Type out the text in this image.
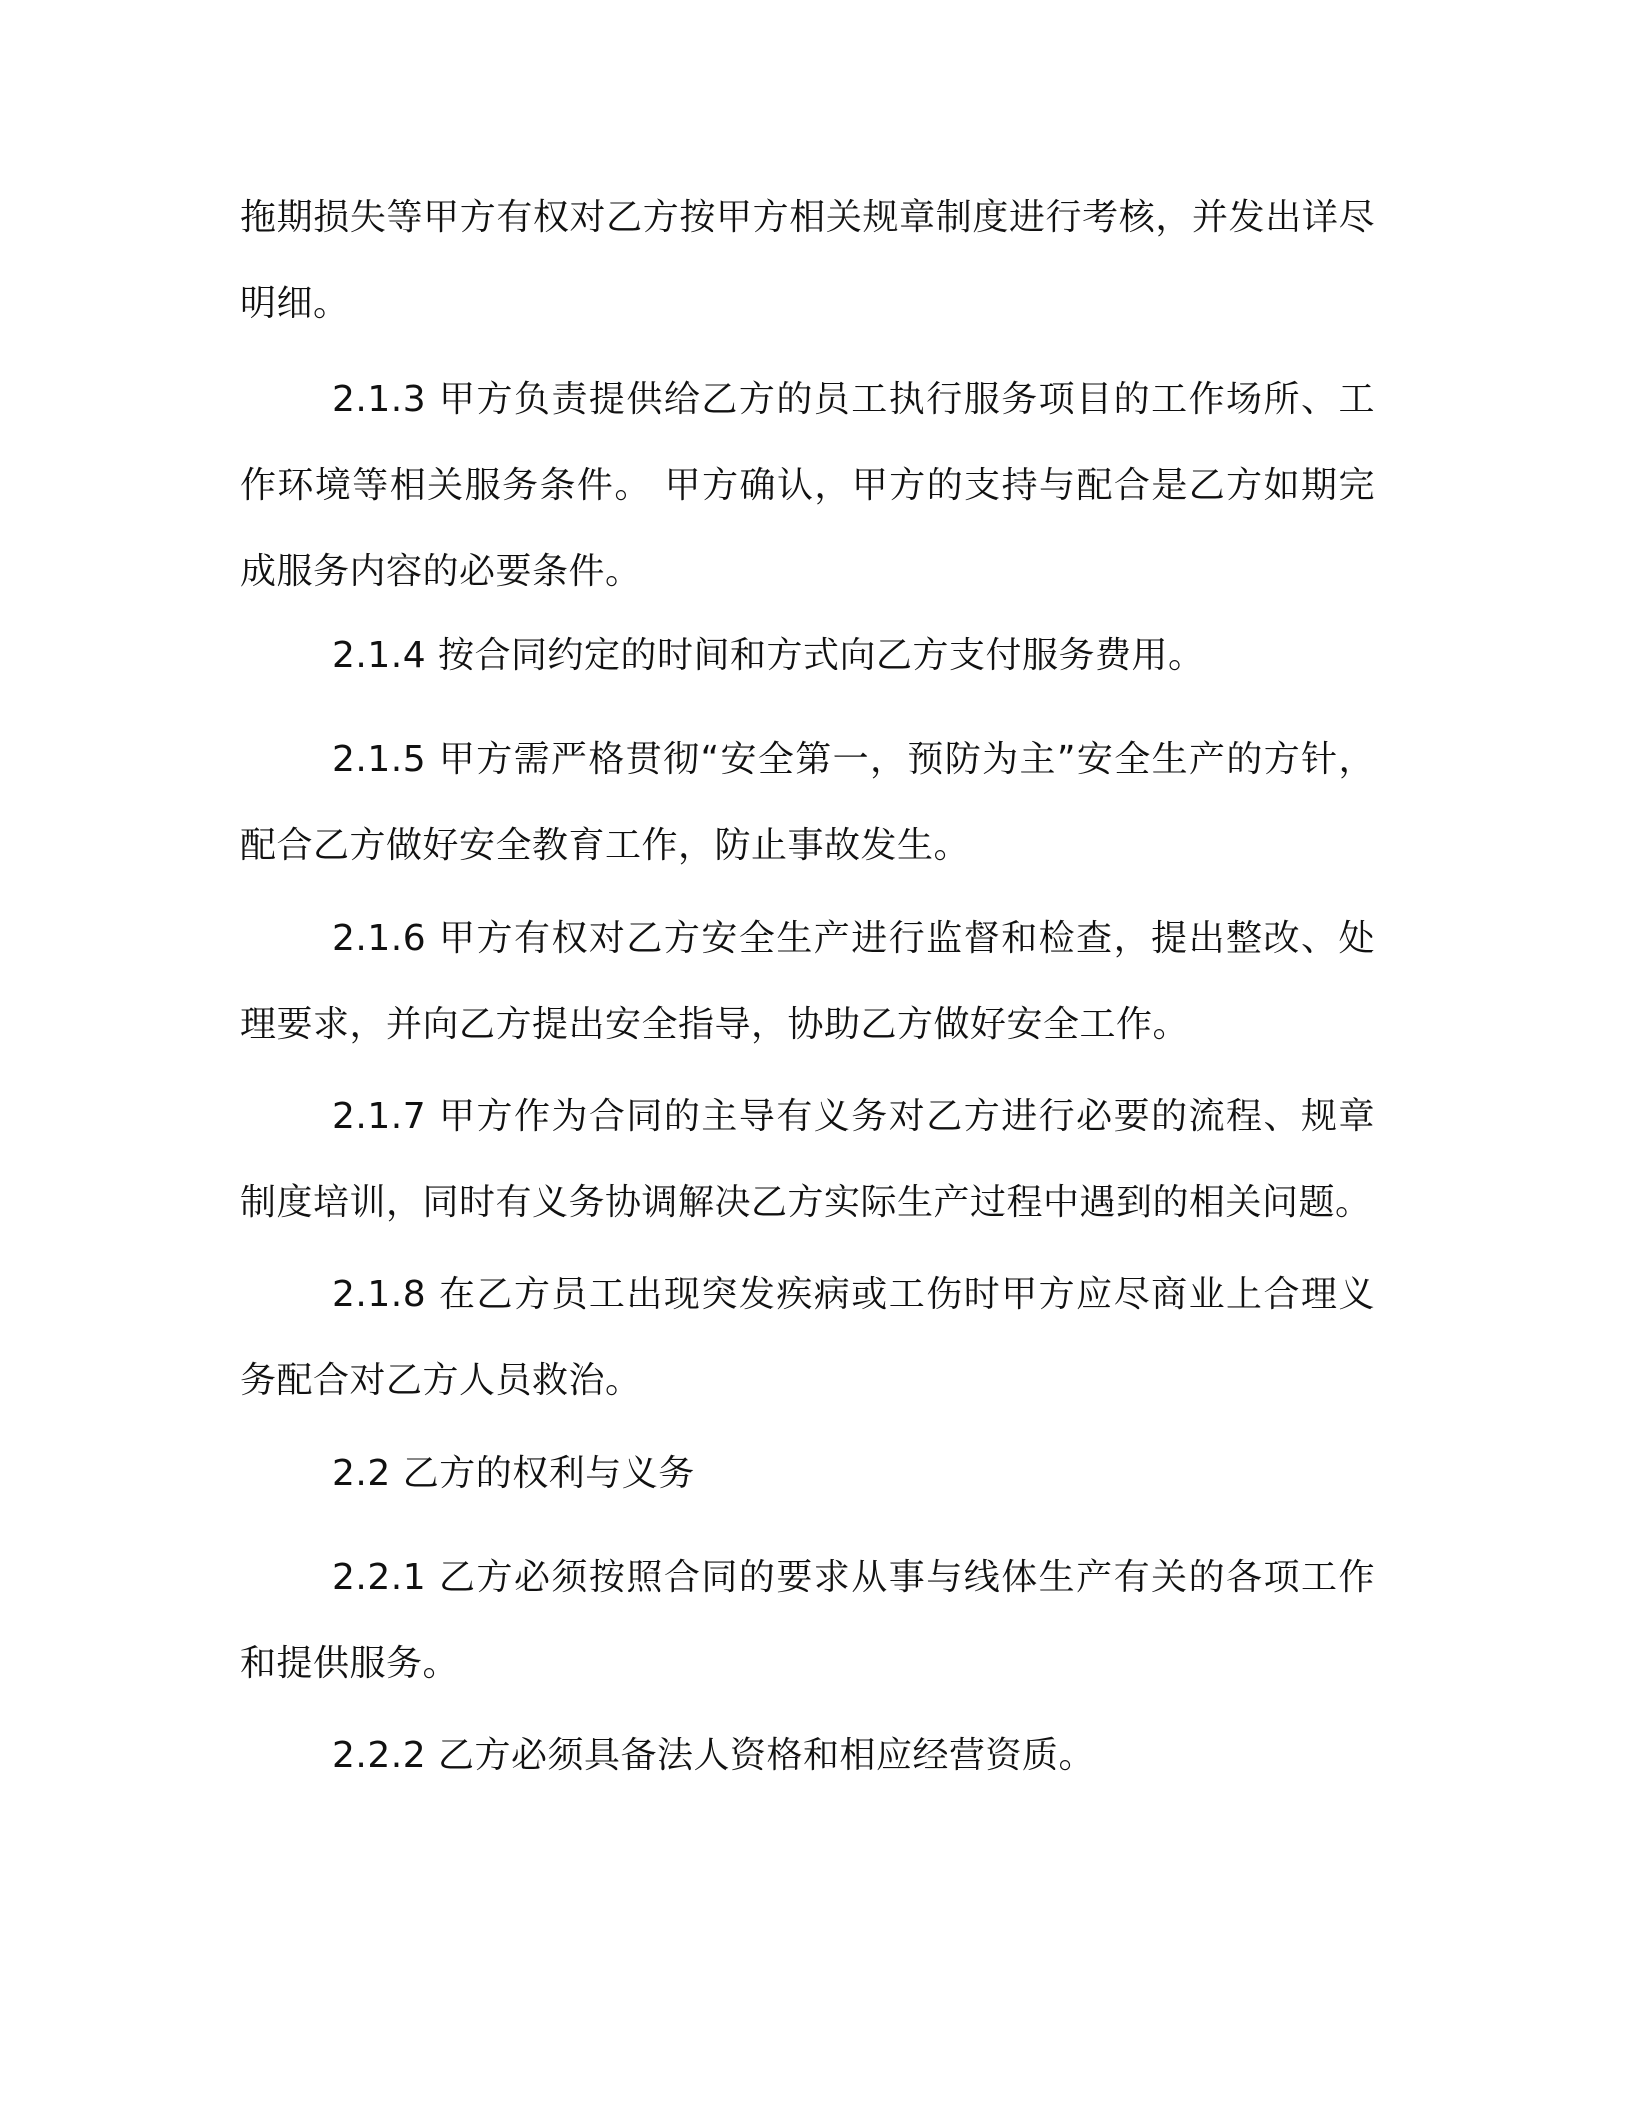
拖期损失等甲方有权对乙方按甲方相关规章制度进行考核，并发出详尽明细。

2.1.3 甲方负责提供给乙方的员工执行服务项目的工作场所、工作环境等相关服务条件。 甲方确认，甲方的支持与配合是乙方如期完成服务内容的必要条件。

2.1.4 按合同约定的时间和方式向乙方支付服务费用。

2.1.5 甲方需严格贯彻“安全第一，预防为主”安全生产的方针，配合乙方做好安全教育工作，防止事故发生。

2.1.6 甲方有权对乙方安全生产进行监督和检查，提出整改、处理要求，并向乙方提出安全指导，协助乙方做好安全工作。

2.1.7 甲方作为合同的主导有义务对乙方进行必要的流程、规章制度培训，同时有义务协调解决乙方实际生产过程中遇到的相关问题。

2.1.8 在乙方员工出现突发疾病或工伤时甲方应尽商业上合理义务配合对乙方人员救治。

2.2 乙方的权利与义务

2.2.1 乙方必须按照合同的要求从事与线体生产有关的各项工作和提供服务。

2.2.2 乙方必须具备法人资格和相应经营资质。
